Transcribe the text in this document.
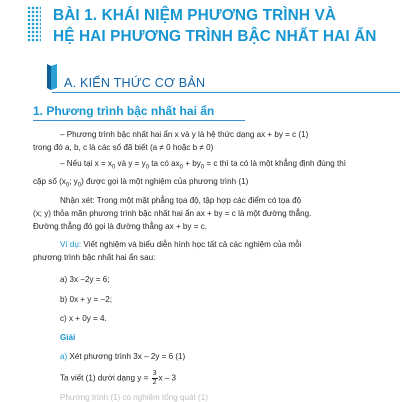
BÀI 1. KHÁI NIỆM PHƯƠNG TRÌNH VÀ
HỆ HAI PHƯƠNG TRÌNH BẬC NHẤT HAI ẨN
A. KIẾN THỨC CƠ BẢN
1. Phương trình bậc nhất hai ẩn
– Phương trình bậc nhất hai ẩn x và y là hệ thức dạng ax + by = c (1)
trong đó a, b, c là các số đã biết (a ≠ 0 hoặc b ≠ 0)
– Nếu tại $x = x_0$ và $y = y_0$ ta có $ax_0 + by_0 = c$ thì ta có là một khẳng định đúng thì
cặp số ($x_0$; $y_0$) được gọi là một nghiệm của phương trình (1)
Nhận xét: Trong một mặt phẳng tọa độ, tập hợp các điểm có tọa độ
(x; y) thỏa mãn phương trình bậc nhất hai ẩn ax + by = c là một đường thẳng.
Đường thẳng đó gọi là đường thẳng ax + by = c.
Ví dụ: Viết nghiệm và biểu diễn hình học tất cả các nghiệm của mỗi
phương trình bậc nhất hai ẩn sau:
a) 3x −2y = 6;
b) 0x + y = −2;
c) x + 0y = 4.
Giải
a) Xét phương trình 3x – 2y = 6 (1)
Ta viết (1) dưới dạng $y = \frac{3}{2}$ x – 3
Phương trình (1) có nghiệm tổng quát (1)
